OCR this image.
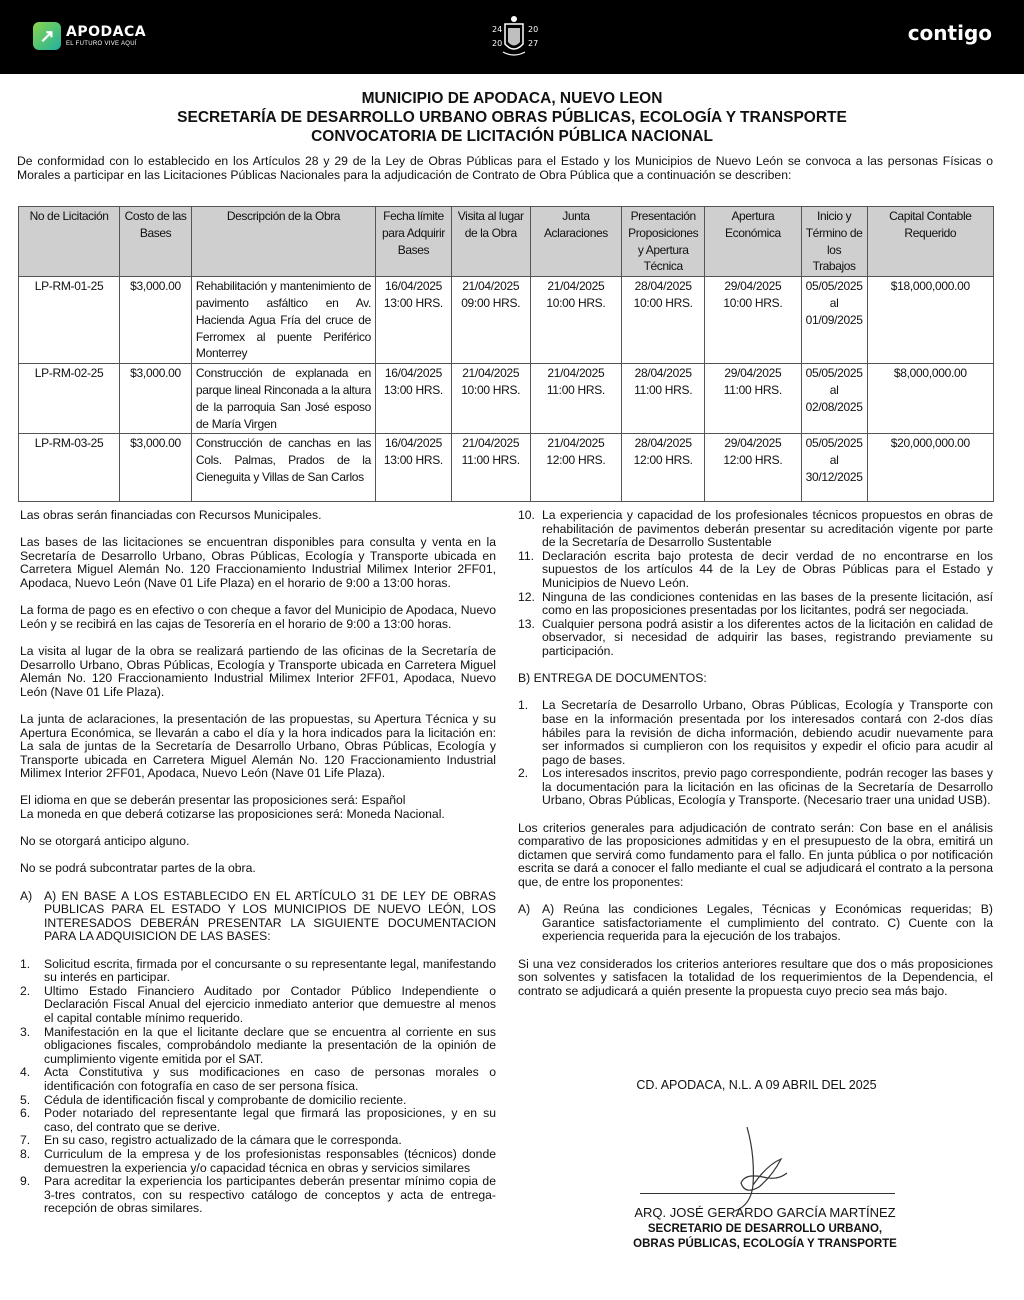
↗ APODACA
EL FUTURO VIVE AQUÍ
20
24
20	27	contigo
MUNICIPIO DE APODACA, NUEVO LEON
SECRETARÍA DE DESARROLLO URBANO OBRAS PÚBLICAS, ECOLOGÍA Y TRANSPORTE
CONVOCATORIA DE LICITACIÓN PÚBLICA NACIONAL
De conformidad con lo establecido en los Artículos 28 y 29 de la Ley de Obras Públicas para el Estado y los Municipios de Nuevo León se convoca a las personas Físicas o Morales a participar en las Licitaciones Públicas Nacionales para la adjudicación de Contrato de Obra Pública que a continuación se describen:
No de Licitación	Costo de las Bases	Descripción de la Obra	Fecha límite para Adquirir Bases	Visita al lugar de la Obra	Junta Aclaraciones	Presentación Proposiciones y Apertura Técnica	Apertura Económica	Inicio y Término de los Trabajos	Capital Contable Requerido
LP-RM-01-25	$3,000.00	Rehabilitación y mantenimiento de pavimento asfáltico en Av. Hacienda Agua Fría del cruce de Ferromex al puente Periférico Monterrey	16/04/2025 13:00 HRS.	21/04/2025 09:00 HRS.	21/04/2025 10:00 HRS.	28/04/2025 10:00 HRS.	29/04/2025 10:00 HRS.	05/05/2025 al 01/09/2025	$18,000,000.00
LP-RM-02-25	$3,000.00	Construcción de explanada en parque lineal Rinconada a la altura de la parroquia San José esposo de María Virgen	16/04/2025 13:00 HRS.	21/04/2025 10:00 HRS.	21/04/2025 11:00 HRS.	28/04/2025 11:00 HRS.	29/04/2025 11:00 HRS.	05/05/2025 al 02/08/2025	$8,000,000.00
LP-RM-03-25	$3,000.00	Construcción de canchas en las Cols. Palmas, Prados de la Cieneguita y Villas de San Carlos	16/04/2025 13:00 HRS.	21/04/2025 11:00 HRS.	21/04/2025 12:00 HRS.	28/04/2025 12:00 HRS.	29/04/2025 12:00 HRS.	05/05/2025 al 30/12/2025	$20,000,000.00

Las obras serán financiadas con Recursos Municipales.

Las bases de las licitaciones se encuentran disponibles para consulta y venta en la Secretaría de Desarrollo Urbano, Obras Públicas, Ecología y Transporte ubicada en Carretera Miguel Alemán No. 120 Fraccionamiento Industrial Milimex Interior 2FF01, Apodaca, Nuevo León (Nave 01 Life Plaza) en el horario de 9:00 a 13:00 horas.

La forma de pago es en efectivo o con cheque a favor del Municipio de Apodaca, Nuevo León y se recibirá en las cajas de Tesorería en el horario de 9:00 a 13:00 horas.

La visita al lugar de la obra se realizará partiendo de las oficinas de la Secretaría de Desarrollo Urbano, Obras Públicas, Ecología y Transporte ubicada en Carretera Miguel Alemán No. 120 Fraccionamiento Industrial Milimex Interior 2FF01, Apodaca, Nuevo León (Nave 01 Life Plaza).

La junta de aclaraciones, la presentación de las propuestas, su Apertura Técnica y su Apertura Económica, se llevarán a cabo el día y la hora indicados para la licitación en: La sala de juntas de la Secretaría de Desarrollo Urbano, Obras Públicas, Ecología y Transporte ubicada en Carretera Miguel Alemán No. 120 Fraccionamiento Industrial Milimex Interior 2FF01, Apodaca, Nuevo León (Nave 01 Life Plaza).

El idioma en que se deberán presentar las proposiciones será: Español

La moneda en que deberá cotizarse las proposiciones será: Moneda Nacional.

No se otorgará anticipo alguno.

No se podrá subcontratar partes de la obra.

A) A) EN BASE A LOS ESTABLECIDO EN EL ARTÍCULO 31 DE LEY DE OBRAS PUBLICAS PARA EL ESTADO Y LOS MUNICIPIOS DE NUEVO LEÓN, LOS INTERESADOS DEBERÁN PRESENTAR LA SIGUIENTE DOCUMENTACION PARA LA ADQUISICION DE LAS BASES:
1.	Solicitud escrita, firmada por el concursante o su representante legal, manifestando su interés en participar.
2.	Ultimo Estado Financiero Auditado por Contador Público Independiente o Declaración Fiscal Anual del ejercicio inmediato anterior que demuestre al menos el capital contable mínimo requerido.
3.	Manifestación en la que el licitante declare que se encuentra al corriente en sus obligaciones fiscales, comprobándolo mediante la presentación de la opinión de cumplimiento vigente emitida por el SAT.
4.	Acta Constitutiva y sus modificaciones en caso de personas morales o identificación con fotografía en caso de ser persona física.
5.	Cédula de identificación fiscal y comprobante de domicilio reciente.
6.	Poder notariado del representante legal que firmará las proposiciones, y en su caso, del contrato que se derive.
7.	En su caso, registro actualizado de la cámara que le corresponda.
8.	Curriculum de la empresa y de los profesionistas responsables (técnicos) donde demuestren la experiencia y/o capacidad técnica en obras y servicios similares
9.	Para acreditar la experiencia los participantes deberán presentar mínimo copia de 3-tres contratos, con su respectivo catálogo de conceptos y acta de entrega-recepción de obras similares.
10. La experiencia y capacidad de los profesionales técnicos propuestos en obras de rehabilitación de pavimentos deberán presentar su acreditación vigente por parte de la Secretaría de Desarrollo Sustentable
11. Declaración escrita bajo protesta de decir verdad de no encontrarse en los supuestos de los artículos 44 de la Ley de Obras Públicas para el Estado y Municipios de Nuevo León.
12. Ninguna de las condiciones contenidas en las bases de la presente licitación, así como en las proposiciones presentadas por los licitantes, podrá ser negociada.
13. Cualquier persona podrá asistir a los diferentes actos de la licitación en calidad de observador, si necesidad de adquirir las bases, registrando previamente su participación.

B) ENTREGA DE DOCUMENTOS:

1.	La Secretaría de Desarrollo Urbano, Obras Públicas, Ecología y Transporte con base en la información presentada por los interesados contará con 2-dos días hábiles para la revisión de dicha información, debiendo acudir nuevamente para ser informados si cumplieron con los requisitos y expedir el oficio para acudir al pago de bases.
2.	Los interesados inscritos, previo pago correspondiente, podrán recoger las bases y la documentación para la licitación en las oficinas de la Secretaría de Desarrollo Urbano, Obras Públicas, Ecología y Transporte. (Necesario traer una unidad USB).

Los criterios generales para adjudicación de contrato serán: Con base en el análisis comparativo de las proposiciones admitidas y en el presupuesto de la obra, emitirá un dictamen que servirá como fundamento para el fallo. En junta pública o por notificación escrita se dará a conocer el fallo mediante el cual se adjudicará el contrato a la persona que, de entre los proponentes:

A) A) Reúna las condiciones Legales, Técnicas y Económicas requeridas; B) Garantice satisfactoriamente el cumplimiento del contrato. C) Cuente con la experiencia requerida para la ejecución de los trabajos.

Si una vez considerados los criterios anteriores resultare que dos o más proposiciones son solventes y satisfacen la totalidad de los requerimientos de la Dependencia, el contrato se adjudicará a quién presente la propuesta cuyo precio sea más bajo.

CD. APODACA, N.L. A 09 ABRIL DEL 2025
ARQ. JOSÉ GERARDO GARCÍA MARTÍNEZ
SECRETARIO DE DESARROLLO URBANO,
OBRAS PÚBLICAS, ECOLOGÍA Y TRANSPORTE
